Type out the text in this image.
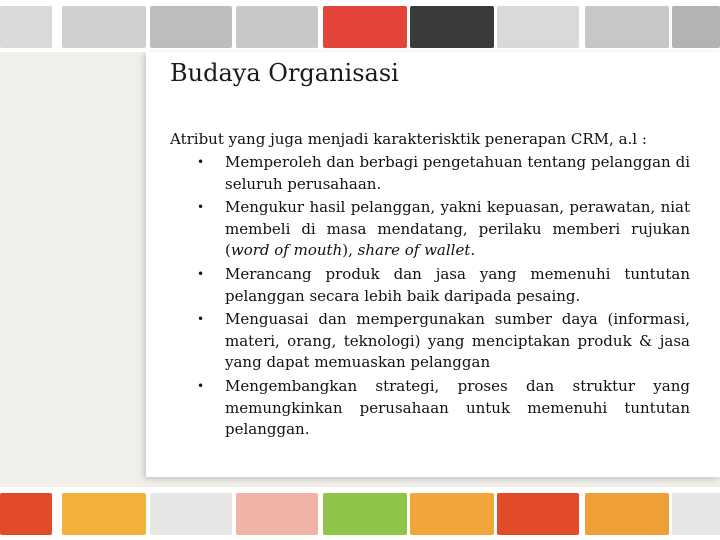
Budaya Organisasi
Atribut yang juga menjadi karakterisktik penerapan CRM, a.l :
• Memperoleh dan berbagi pengetahuan tentang pelanggan di seluruh perusahaan.
• Mengukur hasil pelanggan, yakni kepuasan, perawatan, niat membeli di masa mendatang, perilaku memberi rujukan (word of mouth), share of wallet.
• Merancang produk dan jasa yang memenuhi tuntutan pelanggan secara lebih baik daripada pesaing.
• Menguasai dan mempergunakan sumber daya (informasi, materi, orang, teknologi) yang menciptakan produk & jasa yang dapat memuaskan pelanggan
• Mengembangkan strategi, proses dan struktur yang memungkinkan perusahaan untuk memenuhi tuntutan pelanggan.
